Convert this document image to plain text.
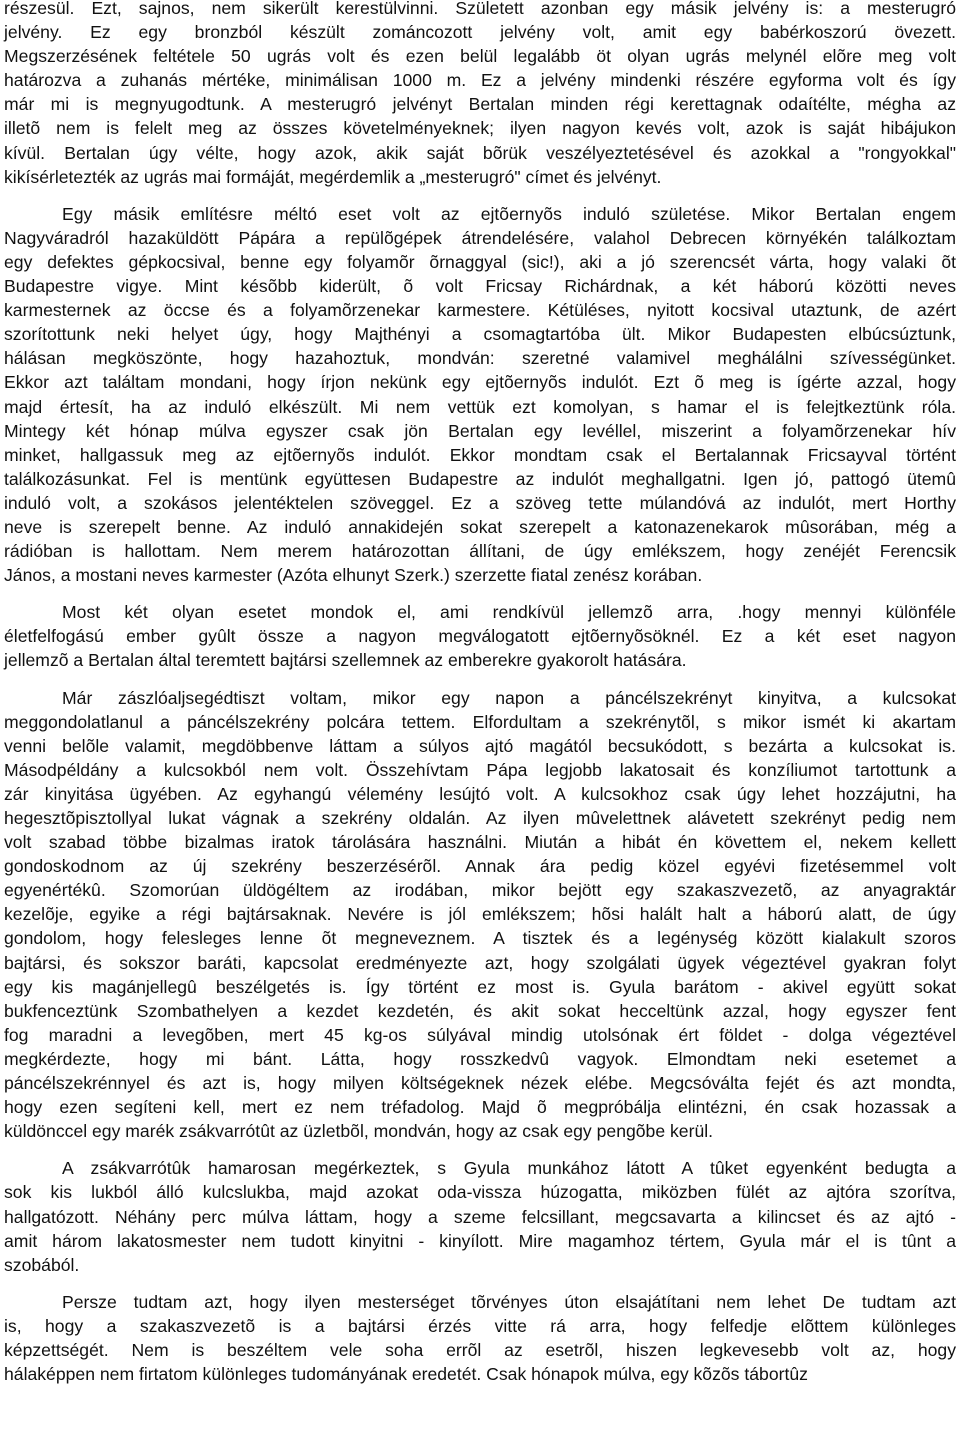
részesül. Ezt, sajnos, nem sikerült kerestülvinni. Született azonban egy másik jelvény is: a mesterugró
jelvény. Ez egy bronzból készült zománcozott jelvény volt, amit egy babérkoszorú övezett.
Megszerzésének feltétele 50 ugrás volt és ezen belül legalább öt olyan ugrás melynél elõre meg volt
határozva a zuhanás mértéke, minimálisan 1000 m. Ez a jelvény mindenki részére egyforma volt és így
már mi is megnyugodtunk. A mesterugró jelvényt Bertalan minden régi kerettagnak odaítélte, mégha az
illetõ nem is felelt meg az összes követelményeknek; ilyen nagyon kevés volt, azok is saját hibájukon
kívül. Bertalan úgy vélte, hogy azok, akik saját bõrük veszélyeztetésével és azokkal a "rongyokkal"
kikísérletezték az ugrás mai formáját, megérdemlik a „mesterugró" címet és jelvényt.
Egy másik említésre méltó eset volt az ejtõernyõs induló születése. Mikor Bertalan engem
Nagyváradról hazaküldött Pápára a repülõgépek átrendelésére, valahol Debrecen környékén találkoztam
egy defektes gépkocsival, benne egy folyamõr õrnaggyal (sic!), aki a jó szerencsét várta, hogy valaki õt
Budapestre vigye. Mint késõbb kiderült, õ volt Fricsay Richárdnak, a két háború közötti neves
karmesternek az öccse és a folyamõrzenekar karmestere. Kétüléses, nyitott kocsival utaztunk, de azért
szorítottunk neki helyet úgy, hogy Majthényi a csomagtartóba ült. Mikor Budapesten elbúcsúztunk,
hálásan megköszönte, hogy hazahoztuk, mondván: szeretné valamivel meghálálni szívességünket.
Ekkor azt találtam mondani, hogy írjon nekünk egy ejtõernyõs indulót. Ezt õ meg is ígérte azzal, hogy
majd értesít, ha az induló elkészült. Mi nem vettük ezt komolyan, s hamar el is felejtkeztünk róla.
Mintegy két hónap múlva egyszer csak jön Bertalan egy levéllel, miszerint a folyamõrzenekar hív
minket, hallgassuk meg az ejtõernyõs indulót. Ekkor mondtam csak el Bertalannak Fricsayval történt
találkozásunkat. Fel is mentünk együttesen Budapestre az indulót meghallgatni. Igen jó, pattogó ütemû
induló volt, a szokásos jelentéktelen szöveggel. Ez a szöveg tette múlandóvá az indulót, mert Horthy
neve is szerepelt benne. Az induló annakidején sokat szerepelt a katonazenekarok mûsorában, még a
rádióban is hallottam. Nem merem határozottan állítani, de úgy emlékszem, hogy zenéjét Ferencsik
János, a mostani neves karmester (Azóta elhunyt Szerk.) szerzette fiatal zenész korában.
Most két olyan esetet mondok el, ami rendkívül jellemzõ arra, .hogy mennyi különféle
életfelfogású ember gyûlt össze a nagyon megválogatott ejtõernyõsöknél. Ez a két eset nagyon
jellemzõ a Bertalan által teremtett bajtársi szellemnek az emberekre gyakorolt hatására.
Már zászlóaljsegédtiszt voltam, mikor egy napon a páncélszekrényt kinyitva, a kulcsokat
meggondolatlanul a páncélszekrény polcára tettem. Elfordultam a szekrénytõl, s mikor ismét ki akartam
venni belõle valamit, megdöbbenve láttam a súlyos ajtó magától becsukódott, s bezárta a kulcsokat is.
Másodpéldány a kulcsokból nem volt. Összehívtam Pápa legjobb lakatosait és konzíliumot tartottunk a
zár kinyitása ügyében. Az egyhangú vélemény lesújtó volt. A kulcsokhoz csak úgy lehet hozzájutni, ha
hegesztõpisztollyal lukat vágnak a szekrény oldalán. Az ilyen mûvelettnek alávetett szekrényt pedig nem
volt szabad többe bizalmas iratok tárolására használni. Miután a hibát én követtem el, nekem kellett
gondoskodnom az új szekrény beszerzésérõl. Annak ára pedig közel egyévi fizetésemmel volt
egyenértékû. Szomorúan üldögéltem az irodában, mikor bejött egy szakaszvezetõ, az anyagraktár
kezelõje, egyike a régi bajtársaknak. Nevére is jól emlékszem; hõsi halált halt a háború alatt, de úgy
gondolom, hogy felesleges lenne õt megneveznem. A tisztek és a legénység között kialakult szoros
bajtársi, és sokszor baráti, kapcsolat eredményezte azt, hogy szolgálati ügyek végeztével gyakran folyt
egy kis magánjellegû beszélgetés is. Így történt ez most is. Gyula barátom - akivel együtt sokat
bukfenceztünk Szombathelyen a kezdet kezdetén, és akit sokat hecceltünk azzal, hogy egyszer fent
fog maradni a levegõben, mert 45 kg-os súlyával mindig utolsónak ért földet - dolga végeztével
megkérdezte, hogy mi bánt. Látta, hogy rosszkedvû vagyok. Elmondtam neki esetemet a
páncélszekrénnyel és azt is, hogy milyen költségeknek nézek elébe. Megcsóválta fejét és azt mondta,
hogy ezen segíteni kell, mert ez nem tréfadolog. Majd õ megpróbálja elintézni, én csak hozassak a
küldönccel egy marék zsákvarrótût az üzletbõl, mondván, hogy az csak egy pengõbe kerül.
A zsákvarrótûk hamarosan megérkeztek, s Gyula munkához látott A tûket egyenként bedugta a
sok kis lukból álló kulcslukba, majd azokat oda-vissza húzogatta, miközben fülét az ajtóra szorítva,
hallgatózott. Néhány perc múlva láttam, hogy a szeme felcsillant, megcsavarta a kilincset és az ajtó -
amit három lakatosmester nem tudott kinyitni - kinyílott. Mire magamhoz tértem, Gyula már el is tûnt a
szobából.
Persze tudtam azt, hogy ilyen mesterséget tõrvényes úton elsajátítani nem lehet De tudtam azt
is, hogy a szakaszvezetõ is a bajtársi érzés vitte rá arra, hogy felfedje elõttem különleges
képzettségét. Nem is beszéltem vele soha errõl az esetrõl, hiszen legkevesebb volt az, hogy
hálaképpen nem firtatom különleges tudományának eredetét. Csak hónapok múlva, egy kõzõs tábortûz
